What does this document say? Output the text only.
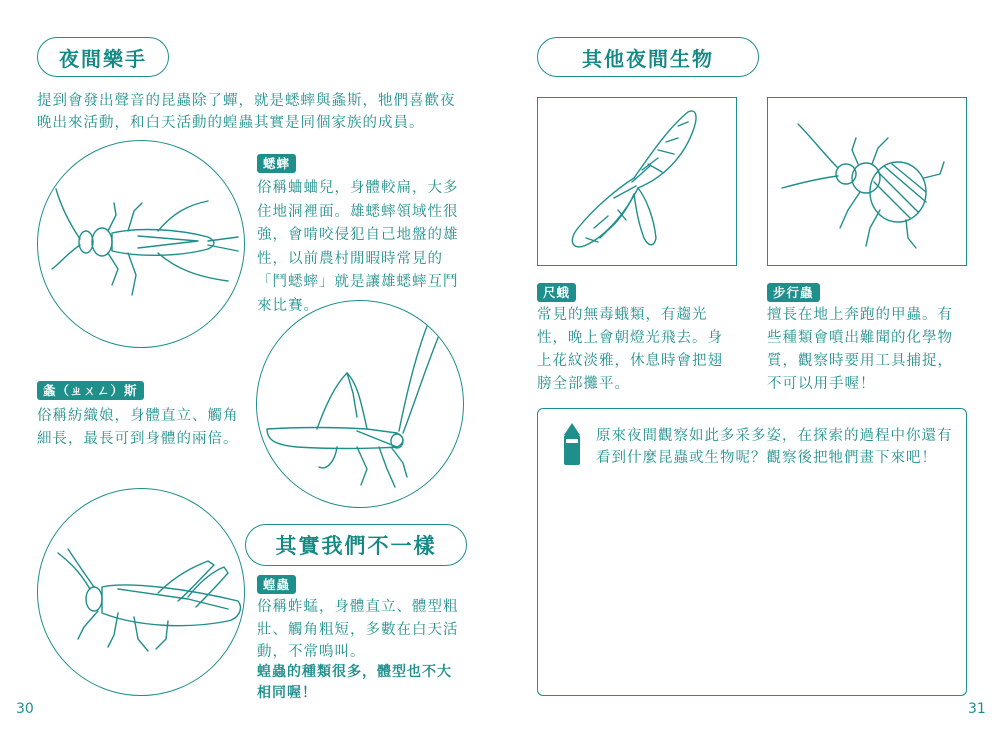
夜間樂手
提到會發出聲音的昆蟲除了蟬，就是蟋蟀與螽斯，牠們喜歡夜晚出來活動，和白天活動的蝗蟲其實是同個家族的成員。
蟋蟀
俗稱蛐蛐兒，身體較扁，大多住地洞裡面。雄蟋蟀領域性很強，會啃咬侵犯自己地盤的雄性，以前農村閒暇時常見的「鬥蟋蟀」就是讓雄蟋蟀互鬥來比賽。
螽（ㄓㄨㄥ）斯
俗稱紡織娘，身體直立、觸角細長，最長可到身體的兩倍。
其實我們不一樣
蝗蟲
俗稱蚱蜢，身體直立、體型粗壯、觸角粗短，多數在白天活動，不常鳴叫。
蝗蟲的種類很多，體型也不大相同喔！
30
其他夜間生物
尺蛾
常見的無毒蛾類，有趨光性，晚上會朝燈光飛去。身上花紋淡雅，休息時會把翅膀全部攤平。
步行蟲
擅長在地上奔跑的甲蟲。有些種類會噴出難聞的化學物質，觀察時要用工具捕捉，不可以用手喔！
原來夜間觀察如此多采多姿，在探索的過程中你還有看到什麼昆蟲或生物呢？觀察後把牠們畫下來吧！
31
